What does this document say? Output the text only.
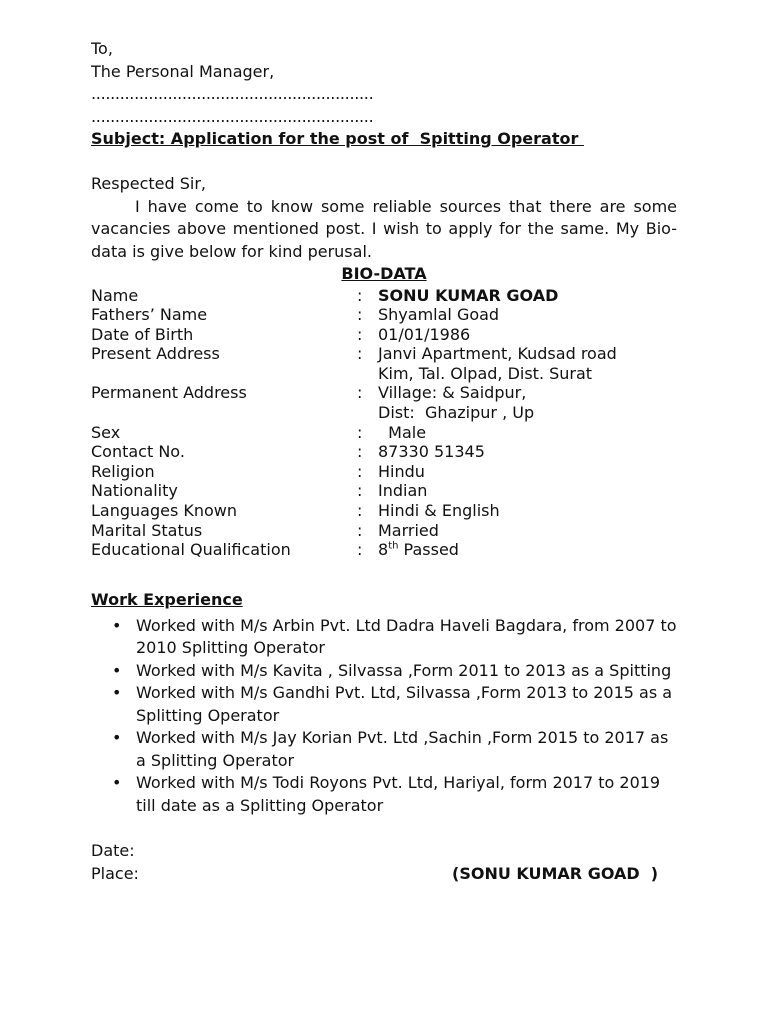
To,
The Personal Manager,
...........................................................
...........................................................
Subject: Application for the post of  Spitting Operator
Respected Sir,
I have come to know some reliable sources that there are some vacancies above mentioned post. I wish to apply for the same. My Bio-data is give below for kind perusal.
BIO-DATA
Name	:	SONU KUMAR GOAD

Fathers’ Name	:	Shyamlal Goad

Date of Birth	:	01/01/1986

Present Address	:	Janvi Apartment, Kudsad road
Kim, Tal. Olpad, Dist. Surat

Permanent Address	:	Village: & Saidpur,
Dist:  Ghazipur , Up

Sex	:	Male

Contact No.	:	87330 51345

Religion	:	Hindu

Nationality	:	Indian

Languages Known	:	Hindi & English

Marital Status	:	Married

Educational Qualification	:	8th Passed
Work Experience
• Worked with M/s Arbin Pvt. Ltd Dadra Haveli Bagdara, from 2007 to 2010 Splitting Operator
• Worked with M/s Kavita , Silvassa ,Form 2011 to 2013 as a Spitting
• Worked with M/s Gandhi Pvt. Ltd, Silvassa ,Form 2013 to 2015 as a Splitting Operator
• Worked with M/s Jay Korian Pvt. Ltd ,Sachin ,Form 2015 to 2017 as a Splitting Operator
• Worked with M/s Todi Royons Pvt. Ltd, Hariyal, form 2017 to 2019 till date as a Splitting Operator
Date:
Place:	(SONU KUMAR GOAD  )
